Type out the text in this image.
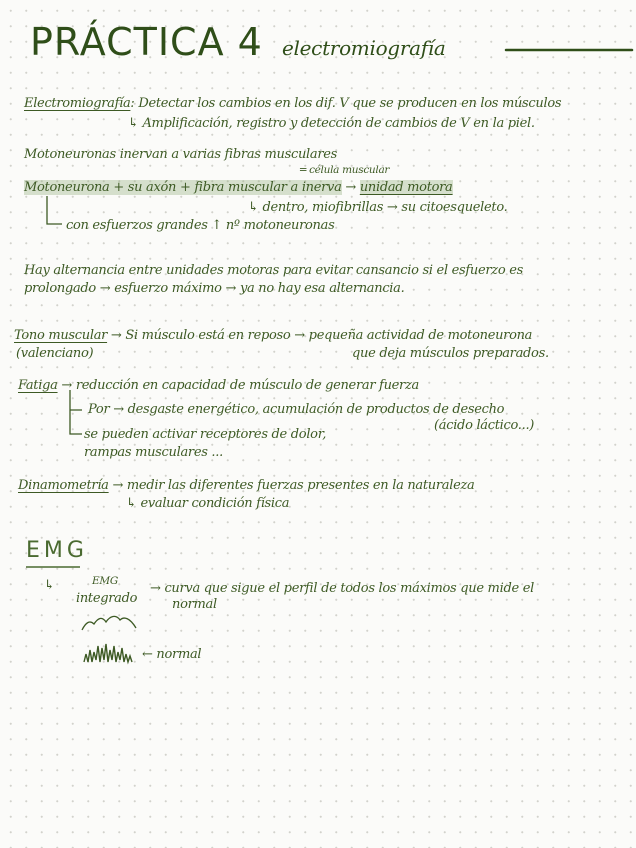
PRÁCTICA 4 electromiografía
Electromiografía: Detectar los cambios en los dif. V que se producen en los músculos
↳ Amplificación, registro y detección de cambios de V en la piel.
Motoneuronas inervan a varias fibras musculares
═ célula muscular
Motoneurona + su axón + fibra muscular a inerva → unidad motora
↳ dentro, miofibrillas → su citoesqueleto.
con esfuerzos grandes ↑ nº motoneuronas
Hay alternancia entre unidades motoras para evitar cansancio si el esfuerzo es
prolongado → esfuerzo máximo → ya no hay esa alternancia.
Tono muscular → Si músculo está en reposo → pequeña actividad de motoneurona
(valenciano)	que deja músculos preparados.
Fatiga → reducción en capacidad de músculo de generar fuerza
Por → desgaste energético, acumulación de productos de desecho
(ácido láctico...)
se pueden activar receptores de dolor,
rampas musculares ...
Dinamometría → medir las diferentes fuerzas presentes en la naturaleza
↳ evaluar condición física
EMG
↳	EMG
integrado
→ curva que sigue el perfil de todos los máximos que mide el
normal
← normal
